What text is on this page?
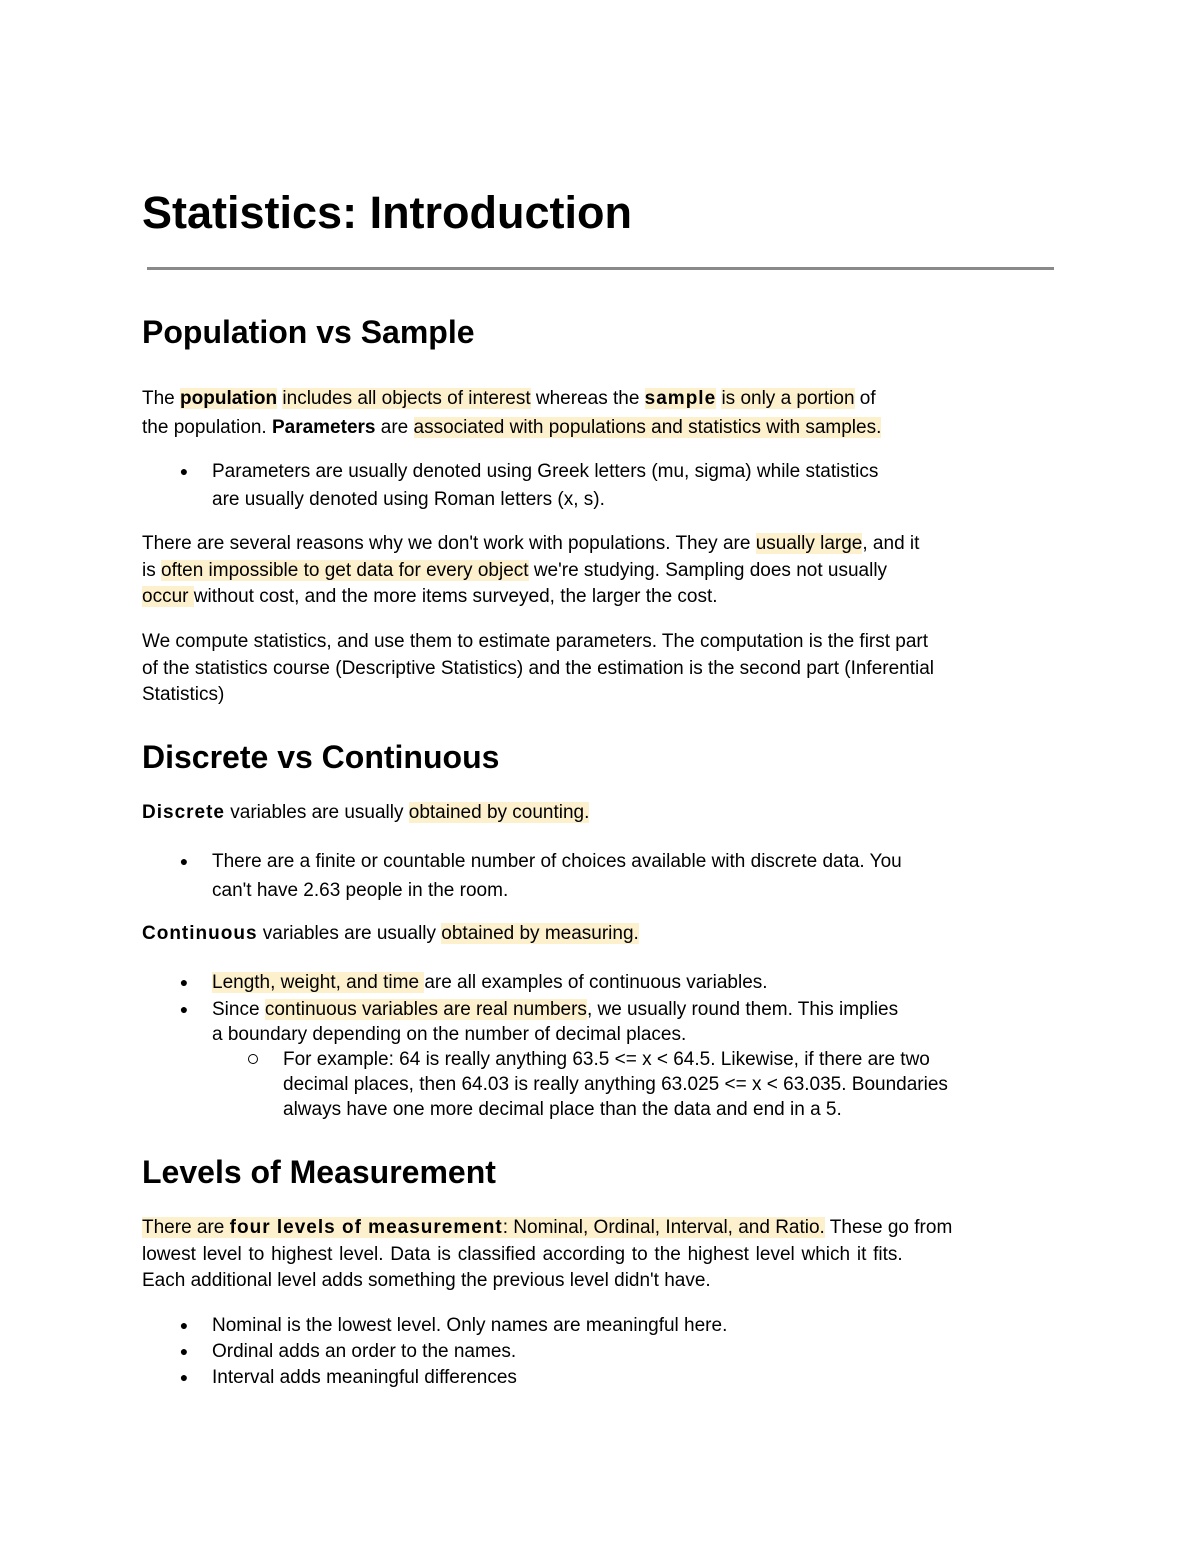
Statistics: Introduction
Population vs Sample

The population includes all objects of interest whereas the sample is only a portion of

the population. Parameters are associated with populations and statistics with samples.

● Parameters are usually denoted using Greek letters (mu, sigma) while statistics

are usually denoted using Roman letters (x, s).

There are several reasons why we don't work with populations. They are usually large, and it

is often impossible to get data for every object we're studying. Sampling does not usually

occur without cost, and the more items surveyed, the larger the cost.

We compute statistics, and use them to estimate parameters. The computation is the first part

of the statistics course (Descriptive Statistics) and the estimation is the second part (Inferential

Statistics)

Discrete vs Continuous

Discrete variables are usually obtained by counting.

● There are a finite or countable number of choices available with discrete data. You

can't have 2.63 people in the room.

Continuous variables are usually obtained by measuring.

● Length, weight, and time are all examples of continuous variables.

● Since continuous variables are real numbers, we usually round them. This implies

a boundary depending on the number of decimal places.

For example: 64 is really anything 63.5 <= x < 64.5. Likewise, if there are two

decimal places, then 64.03 is really anything 63.025 <= x < 63.035. Boundaries

always have one more decimal place than the data and end in a 5.

Levels of Measurement

There are four levels of measurement: Nominal, Ordinal, Interval, and Ratio. These go from

lowest level to highest level. Data is classified according to the highest level which it fits.

Each additional level adds something the previous level didn't have.

● Nominal is the lowest level. Only names are meaningful here.

● Ordinal adds an order to the names.

● Interval adds meaningful differences
